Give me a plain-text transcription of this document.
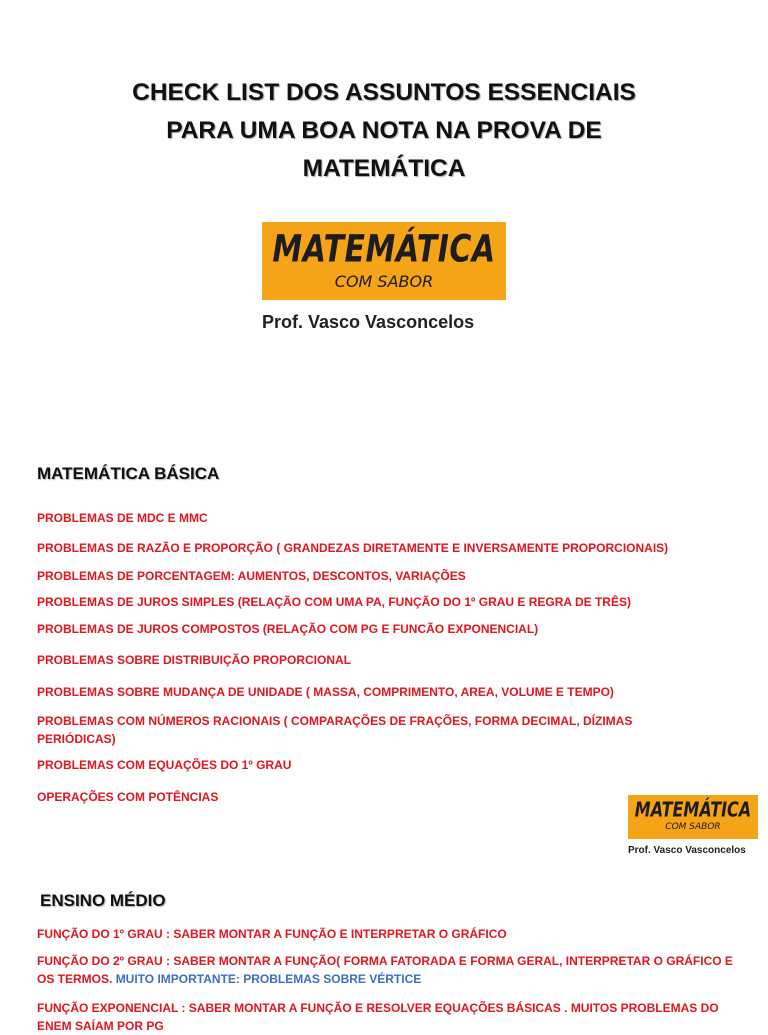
CHECK LIST DOS ASSUNTOS ESSENCIAIS
PARA UMA BOA NOTA NA PROVA DE
MATEMÁTICA
MATEMÁTICA
COM SABOR
Prof. Vasco Vasconcelos
MATEMÁTICA BÁSICA
PROBLEMAS DE MDC E MMC
PROBLEMAS DE RAZÃO E PROPORÇÃO ( GRANDEZAS DIRETAMENTE E INVERSAMENTE PROPORCIONAIS)
PROBLEMAS DE PORCENTAGEM: AUMENTOS, DESCONTOS, VARIAÇÕES
PROBLEMAS DE JUROS SIMPLES (RELAÇÃO COM UMA PA, FUNÇÃO DO 1º GRAU E REGRA DE TRÊS)
PROBLEMAS DE JUROS COMPOSTOS (RELAÇÃO COM PG E FUNCÃO EXPONENCIAL)
PROBLEMAS SOBRE DISTRIBUIÇÃO PROPORCIONAL
PROBLEMAS SOBRE MUDANÇA DE UNIDADE ( MASSA, COMPRIMENTO, AREA, VOLUME E TEMPO)
PROBLEMAS COM NÚMEROS RACIONAIS ( COMPARAÇÕES DE FRAÇÕES, FORMA DECIMAL, DÍZIMAS PERIÓDICAS)
PROBLEMAS COM EQUAÇÕES DO 1º GRAU
OPERAÇÕES COM POTÊNCIAS
MATEMÁTICA
COM SABOR
Prof. Vasco Vasconcelos
ENSINO MÉDIO
FUNÇÃO DO 1º GRAU : SABER MONTAR A FUNÇÃO E INTERPRETAR O GRÁFICO
FUNÇÃO DO 2º GRAU : SABER MONTAR A FUNÇÃO( FORMA FATORADA E FORMA GERAL, INTERPRETAR O GRÁFICO E OS TERMOS. MUITO IMPORTANTE: PROBLEMAS SOBRE VÉRTICE
FUNÇÃO EXPONENCIAL : SABER MONTAR A FUNÇÃO E RESOLVER EQUAÇÕES BÁSICAS . MUITOS PROBLEMAS DO ENEM SAÍAM POR PG
